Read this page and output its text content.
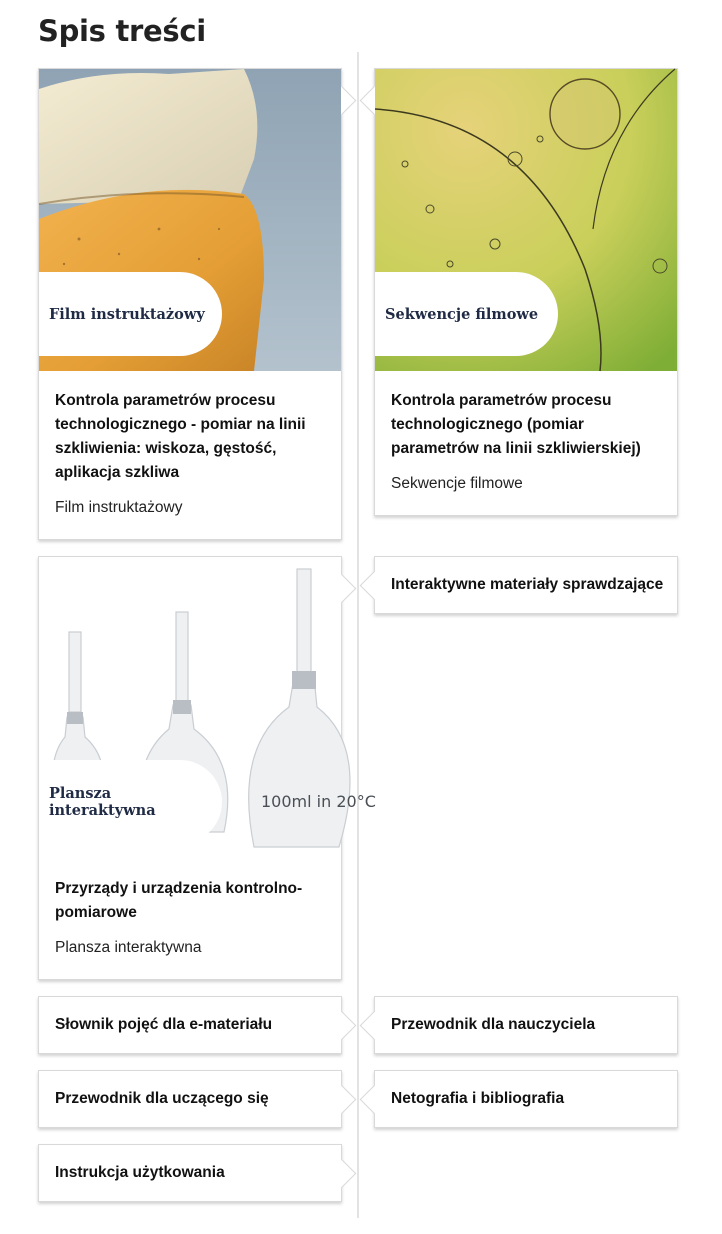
Spis treści
Film instruktażowy
Kontrola parametrów procesu technologicznego - pomiar na linii szkliwienia: wiskoza, gęstość, aplikacja szkliwa
Film instruktażowy
Sekwencje filmowe
Kontrola parametrów procesu technologicznego (pomiar parametrów na linii szkliwierskiej)
Sekwencje filmowe
100ml in 20°C
Plansza interaktywna
Przyrządy i urządzenia kontrolno-pomiarowe
Plansza interaktywna
Interaktywne materiały sprawdzające
Słownik pojęć dla e-materiału	Przewodnik dla nauczyciela
Przewodnik dla uczącego się	Netografia i bibliografia
Instrukcja użytkowania
